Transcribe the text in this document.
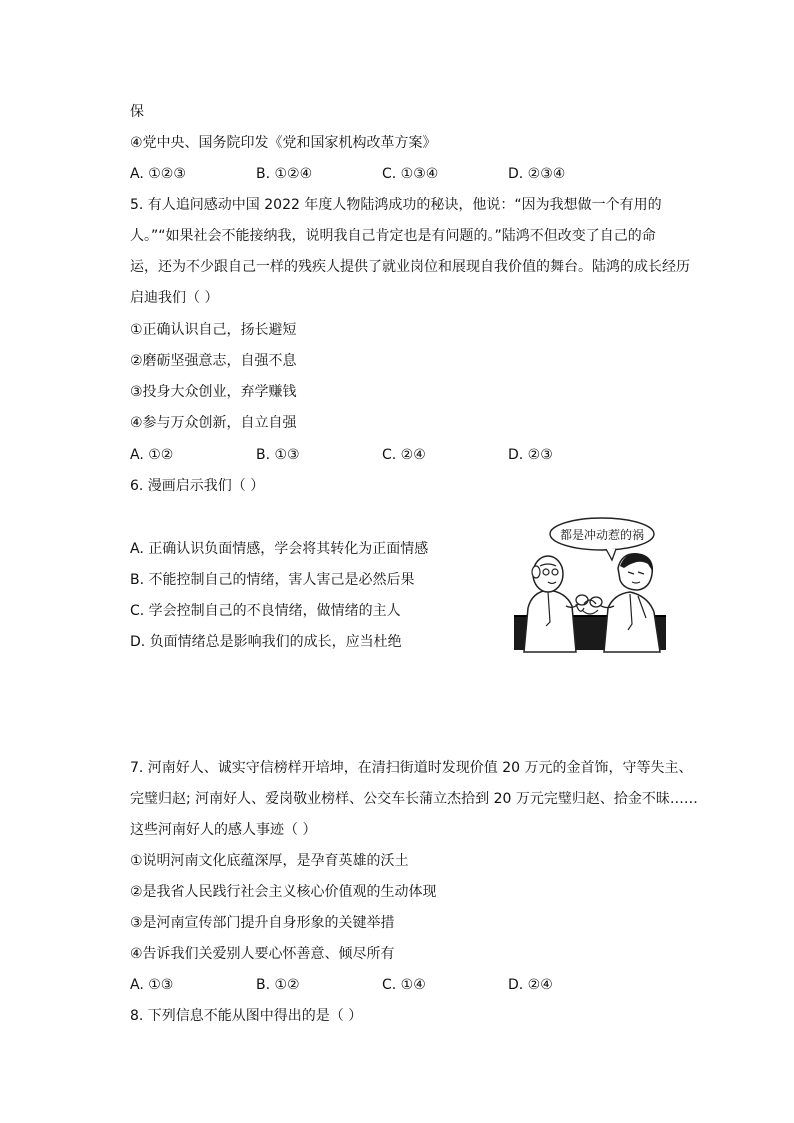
保
④党中央、国务院印发《党和国家机构改革方案》
A. ①②③	B. ①②④	C. ①③④	D. ②③④
5. 有人追问感动中国 2022 年度人物陆鸿成功的秘诀，他说：“因为我想做一个有用的
人。”“如果社会不能接纳我，说明我自己肯定也是有问题的。”陆鸿不但改变了自己的命
运，还为不少跟自己一样的残疾人提供了就业岗位和展现自我价值的舞台。陆鸿的成长经历
启迪我们（ ）
①正确认识自己，扬长避短
②磨砺坚强意志，自强不息
③投身大众创业，弃学赚钱
④参与万众创新，自立自强
A. ①②	B. ①③	C. ②④	D. ②③
6. 漫画启示我们（ ）
A. 正确认识负面情感，学会将其转化为正面情感
B. 不能控制自己的情绪，害人害己是必然后果
C. 学会控制自己的不良情绪，做情绪的主人
D. 负面情绪总是影响我们的成长，应当杜绝
都是冲动惹的祸
7. 河南好人、诚实守信榜样开培坤，在清扫街道时发现价值 20 万元的金首饰，守等失主、
完璧归赵; 河南好人、爱岗敬业榜样、公交车长蒲立杰拾到 20 万元完璧归赵、拾金不昧……
这些河南好人的感人事迹（ ）
①说明河南文化底蕴深厚，是孕育英雄的沃土
②是我省人民践行社会主义核心价值观的生动体现
③是河南宣传部门提升自身形象的关键举措
④告诉我们关爱别人要心怀善意、倾尽所有
A. ①③	B. ①②	C. ①④	D. ②④
8. 下列信息不能从图中得出的是（ ）
